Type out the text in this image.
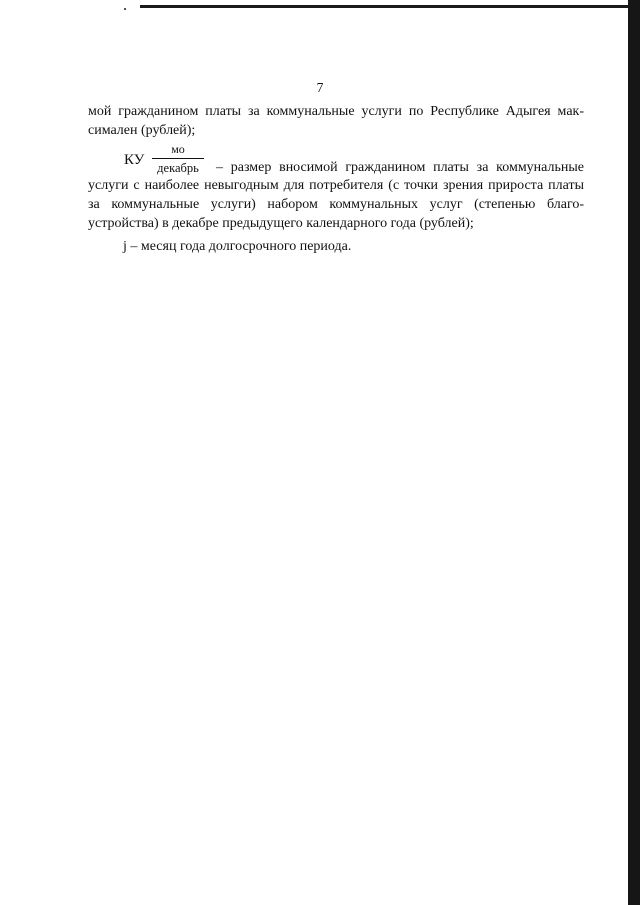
7
мой гражданином платы за коммунальные услуги по Республике Адыгея мак-
симален (рублей);
КУ
мо
декабрь	– размер вносимой гражданином платы за коммунальные
услуги с наиболее невыгодным для потребителя (с точки зрения прироста платы
за коммунальные услуги) набором коммунальных услуг (степенью благо-
устройства) в декабре предыдущего календарного года (рублей);
j – месяц года долгосрочного периода.
